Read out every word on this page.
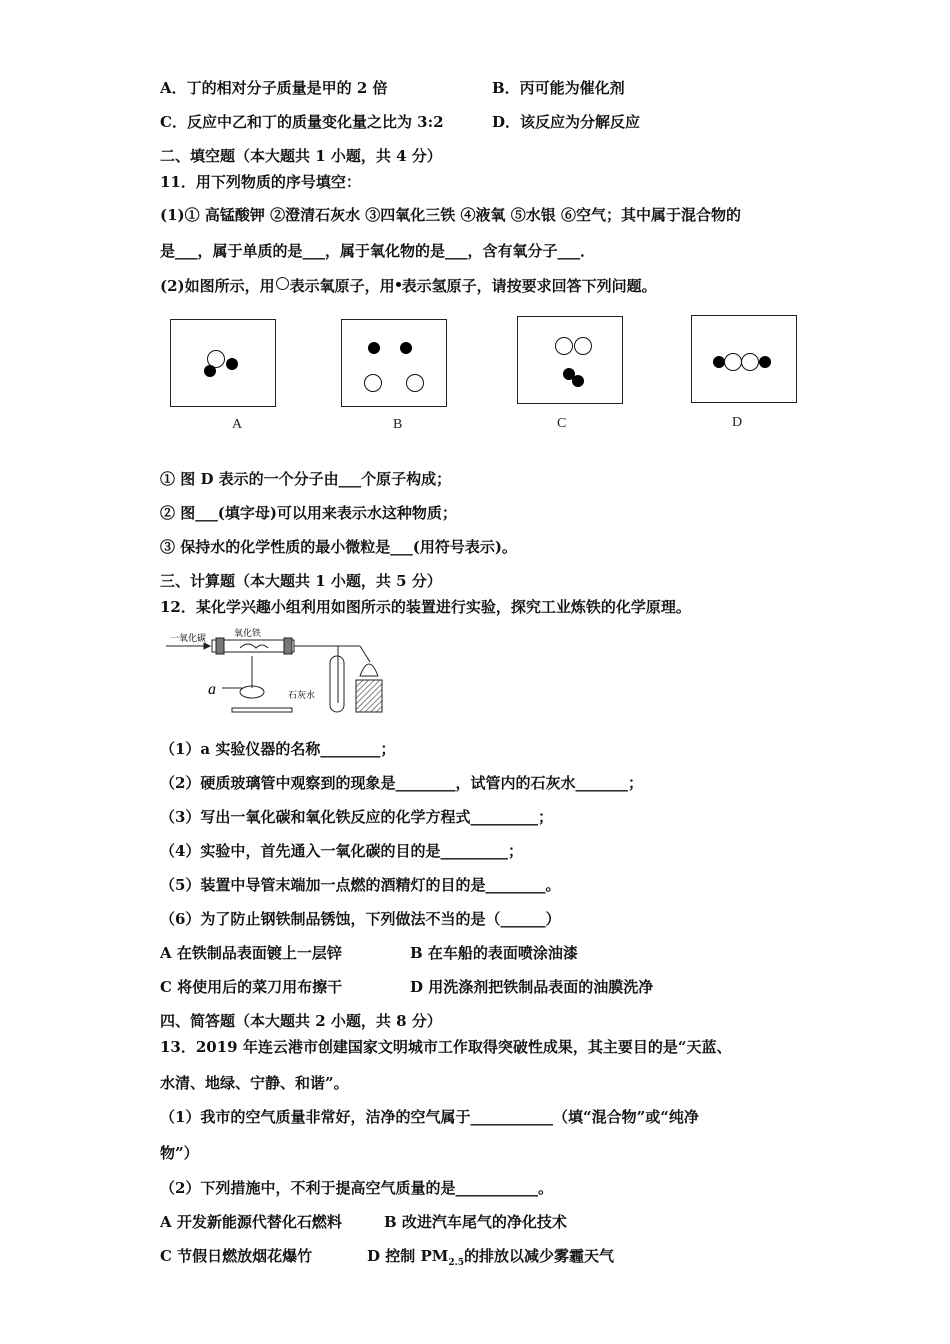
A．丁的相对分子质量是甲的 2 倍	B．丙可能为催化剂
C．反应中乙和丁的质量变化量之比为 3:2	D．该反应为分解反应
二、填空题（本大题共 1 小题，共 4 分）
11．用下列物质的序号填空：
(1)① 高锰酸钾 ②澄清石灰水 ③四氧化三铁 ④液氧 ⑤水银 ⑥空气；其中属于混合物的
是___，属于单质的是___，属于氧化物的是___，含有氧分子___．
(2)如图所示，用 表示氧原子，用 表示氢原子，请按要求回答下列问题。
A	B	C	D
① 图 D 表示的一个分子由___个原子构成；
② 图___(填字母)可以用来表示水这种物质；
③ 保持水的化学性质的最小微粒是___(用符号表示)。
三、计算题（本大题共 1 小题，共 5 分）
12．某化学兴趣小组利用如图所示的装置进行实验，探究工业炼铁的化学原理。
一氧化碳	氧化铁
a	石灰水
（1）a 实验仪器的名称________；
（2）硬质玻璃管中观察到的现象是________，试管内的石灰水_______；
（3）写出一氧化碳和氧化铁反应的化学方程式_________；
（4）实验中，首先通入一氧化碳的目的是_________；
（5）装置中导管末端加一点燃的酒精灯的目的是________。
（6）为了防止钢铁制品锈蚀，下列做法不当的是（______）
A 在铁制品表面镀上一层锌	B 在车船的表面喷涂油漆
C 将使用后的菜刀用布擦干	D 用洗涤剂把铁制品表面的油膜洗净
四、简答题（本大题共 2 小题，共 8 分）
13．2019 年连云港市创建国家文明城市工作取得突破性成果，其主要目的是“天蓝、
水清、地绿、宁静、和谐”。
（1）我市的空气质量非常好，洁净的空气属于___________（填“混合物”或“纯净
物”）
（2）下列措施中，不利于提高空气质量的是___________。
A 开发新能源代替化石燃料	B 改进汽车尾气的净化技术
C 节假日燃放烟花爆竹	D 控制 $PM_{2.5}$的排放以减少雾霾天气
